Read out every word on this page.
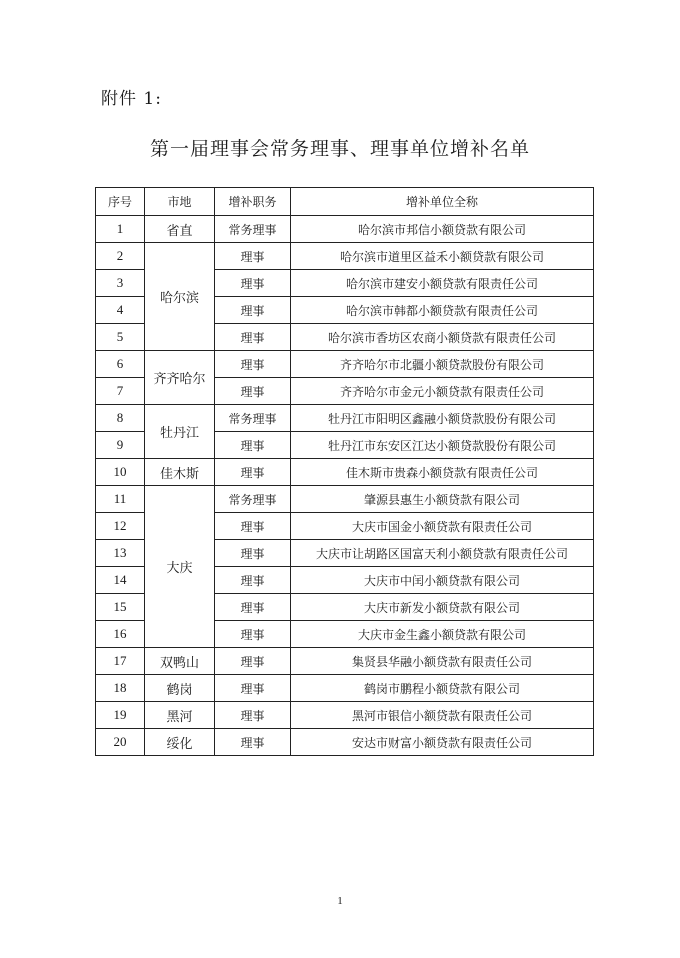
附件 1:
第一届理事会常务理事、理事单位增补名单
序号	市地	增补职务	增补单位全称
1	省直	常务理事	哈尔滨市邦信小额贷款有限公司
2	哈尔滨	理事	哈尔滨市道里区益禾小额贷款有限公司
3		理事	哈尔滨市建安小额贷款有限责任公司
4		理事	哈尔滨市韩都小额贷款有限责任公司
5		理事	哈尔滨市香坊区农商小额贷款有限责任公司
6	齐齐哈尔	理事	齐齐哈尔市北疆小额贷款股份有限公司
7		理事	齐齐哈尔市金元小额贷款有限责任公司
8	牡丹江	常务理事	牡丹江市阳明区鑫融小额贷款股份有限公司
9		理事	牡丹江市东安区江达小额贷款股份有限公司
10	佳木斯	理事	佳木斯市贵森小额贷款有限责任公司
11	大庆	常务理事	肇源县惠生小额贷款有限公司
12		理事	大庆市国金小额贷款有限责任公司
13		理事	大庆市让胡路区国富天利小额贷款有限责任公司
14		理事	大庆市中闰小额贷款有限公司
15		理事	大庆市新发小额贷款有限公司
16		理事	大庆市金生鑫小额贷款有限公司
17	双鸭山	理事	集贤县华融小额贷款有限责任公司
18	鹤岗	理事	鹤岗市鹏程小额贷款有限公司
19	黑河	理事	黑河市银信小额贷款有限责任公司
20	绥化	理事	安达市财富小额贷款有限责任公司
1
